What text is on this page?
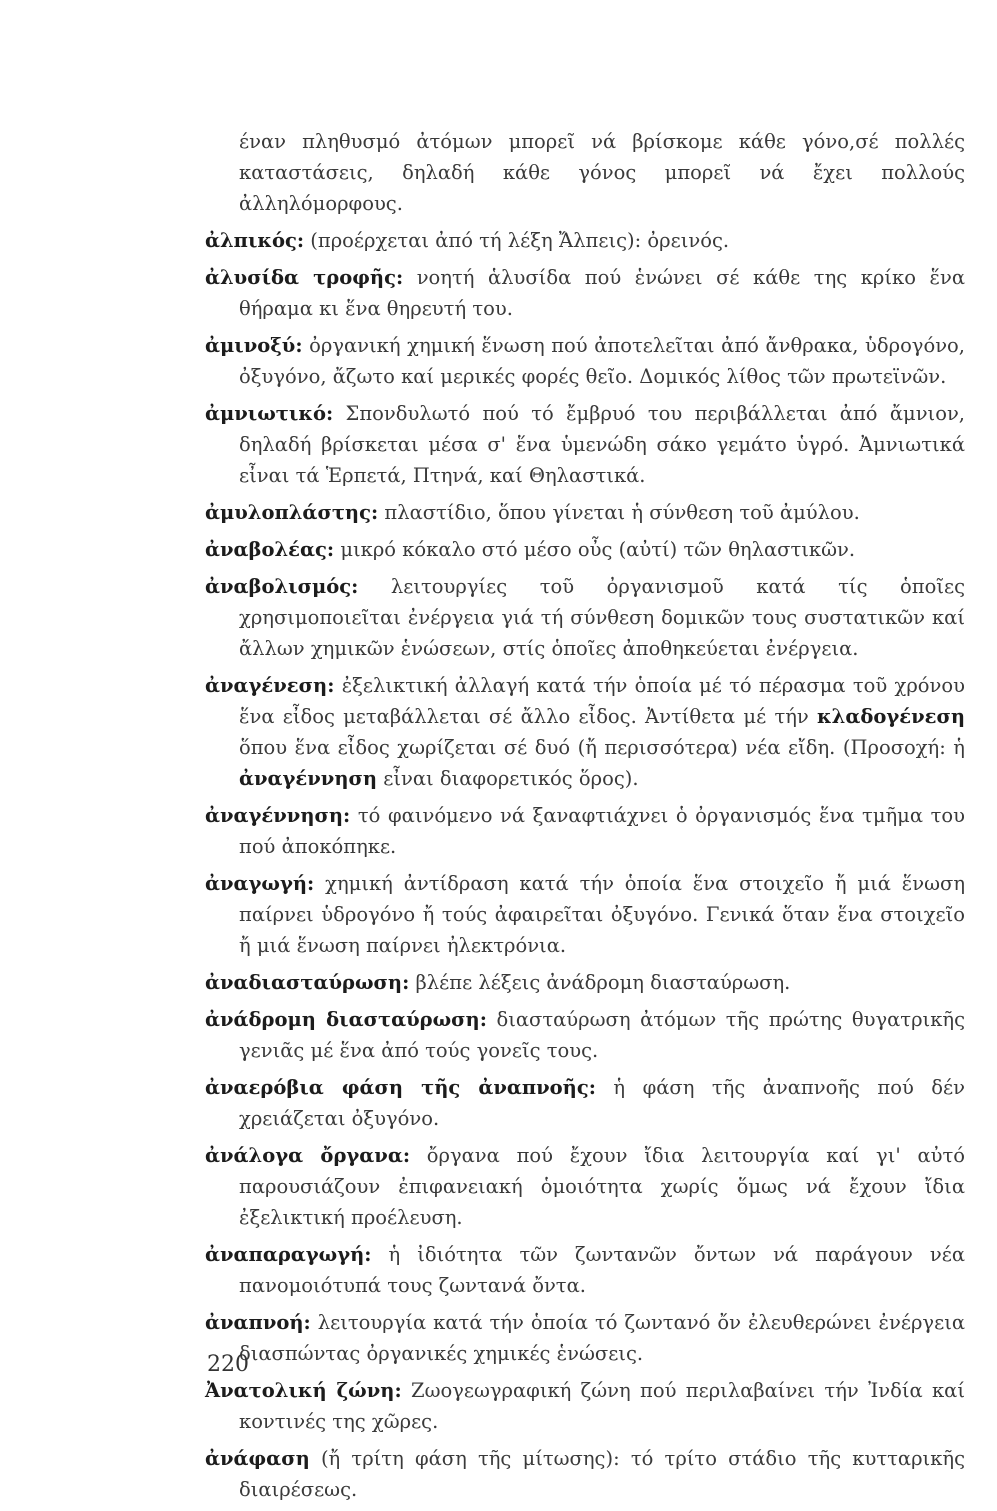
έναν πληθυσμό ἀτόμων μπορεῖ νά βρίσκομε κάθε γόνο,σέ πολλές καταστάσεις, δηλαδή κάθε γόνος μπορεῖ νά ἔχει πολλούς ἀλληλόμορφους.

ἀλπικός: (προέρχεται ἀπό τή λέξη Ἄλπεις): ὀρεινός.

ἀλυσίδα τροφῆς: νοητή ἁλυσίδα πού ἑνώνει σέ κάθε της κρίκο ἕνα θήραμα κι ἕνα θηρευτή του.

ἀμινοξύ: ὀργανική χημική ἕνωση πού ἀποτελεῖται ἀπό ἄνθρακα, ὑδρογόνο, ὀξυγόνο, ἄζωτο καί μερικές φορές θεῖο. Δομικός λίθος τῶν πρωτεϊνῶν.

ἀμνιωτικό: Σπονδυλωτό πού τό ἔμβρυό του περιβάλλεται ἀπό ἄμνιον, δηλαδή βρίσκεται μέσα σ' ἕνα ὑμενώδη σάκο γεμάτο ὑγρό. Ἀμνιωτικά εἶναι τά Ἑρπετά, Πτηνά, καί Θηλαστικά.

ἀμυλοπλάστης: πλαστίδιο, ὅπου γίνεται ἡ σύνθεση τοῦ ἀμύλου.

ἀναβολέας: μικρό κόκαλο στό μέσο οὖς (αὐτί) τῶν θηλαστικῶν.

ἀναβολισμός: λειτουργίες τοῦ ὀργανισμοῦ κατά τίς ὁποῖες χρησιμοποιεῖται ἐνέργεια γιά τή σύνθεση δομικῶν τους συστατικῶν καί ἄλλων χημικῶν ἑνώσεων, στίς ὁποῖες ἀποθηκεύεται ἐνέργεια.

ἀναγένεση: ἐξελικτική ἀλλαγή κατά τήν ὁποία μέ τό πέρασμα τοῦ χρόνου ἕνα εἶδος μεταβάλλεται σέ ἄλλο εἶδος. Ἀντίθετα μέ τήν κλαδογένεση ὅπου ἕνα εἶδος χωρίζεται σέ δυό (ἤ περισσότερα) νέα εἴδη. (Προσοχή: ἡ ἀναγέννηση εἶναι διαφορετικός ὅρος).

ἀναγέννηση: τό φαινόμενο νά ξαναφτιάχνει ὁ ὀργανισμός ἕνα τμῆμα του πού ἀποκόπηκε.

ἀναγωγή: χημική ἀντίδραση κατά τήν ὁποία ἕνα στοιχεῖο ἤ μιά ἕνωση παίρνει ὑδρογόνο ἤ τούς ἀφαιρεῖται ὀξυγόνο. Γενικά ὅταν ἕνα στοιχεῖο ἤ μιά ἕνωση παίρνει ἠλεκτρόνια.

ἀναδιασταύρωση: βλέπε λέξεις ἀνάδρομη διασταύρωση.

ἀνάδρομη διασταύρωση: διασταύρωση ἀτόμων τῆς πρώτης θυγατρικῆς γενιᾶς μέ ἕνα ἀπό τούς γονεῖς τους.

ἀναερόβια φάση τῆς ἀναπνοῆς: ἡ φάση τῆς ἀναπνοῆς πού δέν χρειάζεται ὀξυγόνο.

ἀνάλογα ὄργανα: ὄργανα πού ἔχουν ἴδια λειτουργία καί γι' αὐτό παρουσιάζουν ἐπιφανειακή ὁμοιότητα χωρίς ὅμως νά ἔχουν ἴδια ἐξελικτική προέλευση.

ἀναπαραγωγή: ἡ ἰδιότητα τῶν ζωντανῶν ὄντων νά παράγουν νέα πανομοιότυπά τους ζωντανά ὄντα.

ἀναπνοή: λειτουργία κατά τήν ὁποία τό ζωντανό ὄν ἐλευθερώνει ἐνέργεια διασπώντας ὀργανικές χημικές ἑνώσεις.

Ἀνατολική ζώνη: Ζωογεωγραφική ζώνη πού περιλαβαίνει τήν Ἰνδία καί κοντινές της χῶρες.

ἀνάφαση (ἤ τρίτη φάση τῆς μίτωσης): τό τρίτο στάδιο τῆς κυτταρικῆς διαιρέσεως.

220
